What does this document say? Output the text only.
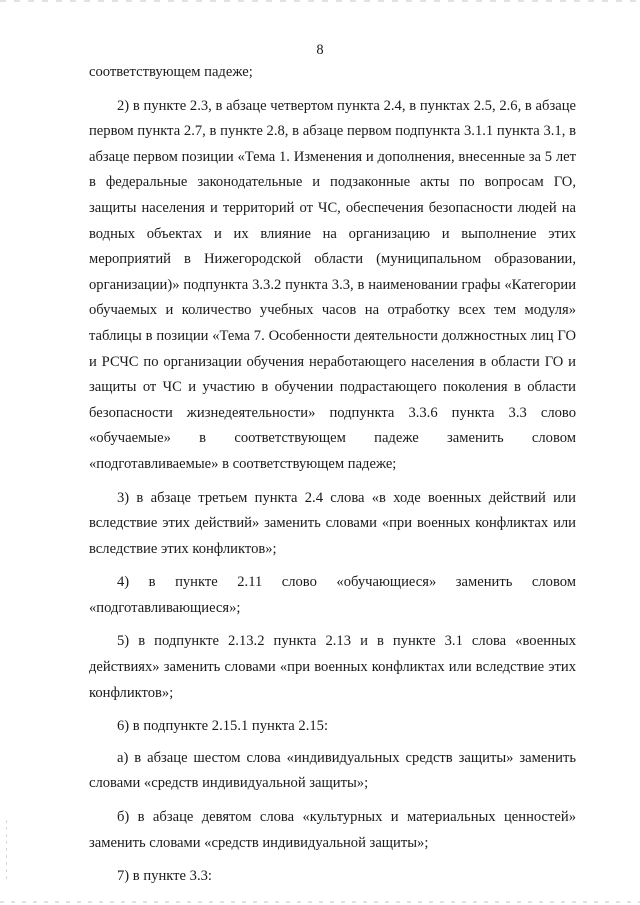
8

соответствующем падеже;

2) в пункте 2.3, в абзаце четвертом пункта 2.4, в пунктах 2.5, 2.6, в абзаце первом пункта 2.7, в пункте 2.8, в абзаце первом подпункта 3.1.1 пункта 3.1, в абзаце первом позиции «Тема 1. Изменения и дополнения, внесенные за 5 лет в федеральные законодательные и подзаконные акты по вопросам ГО, защиты населения и территорий от ЧС, обеспечения безопасности людей на водных объектах и их влияние на организацию и выполнение этих мероприятий в Нижегородской области (муниципальном образовании, организации)» подпункта 3.3.2 пункта 3.3, в наименовании графы «Категории обучаемых и количество учебных часов на отработку всех тем модуля» таблицы в позиции «Тема 7. Особенности деятельности должностных лиц ГО и РСЧС по организации обучения неработающего населения в области ГО и защиты от ЧС и участию в обучении подрастающего поколения в области безопасности жизнедеятельности» подпункта 3.3.6 пункта 3.3 слово «обучаемые» в соответствующем падеже заменить словом «подготавливаемые» в соответствующем падеже;

3) в абзаце третьем пункта 2.4 слова «в ходе военных действий или вследствие этих действий» заменить словами «при военных конфликтах или вследствие этих конфликтов»;

4) в пункте 2.11 слово «обучающиеся» заменить словом «подготавливающиеся»;

5) в подпункте 2.13.2 пункта 2.13 и в пункте 3.1 слова «военных действиях» заменить словами «при военных конфликтах или вследствие этих конфликтов»;

6) в подпункте 2.15.1 пункта 2.15:

а) в абзаце шестом слова «индивидуальных средств защиты» заменить словами «средств индивидуальной защиты»;

б) в абзаце девятом слова «культурных и материальных ценностей» заменить словами «средств индивидуальной защиты»;

7) в пункте 3.3:
